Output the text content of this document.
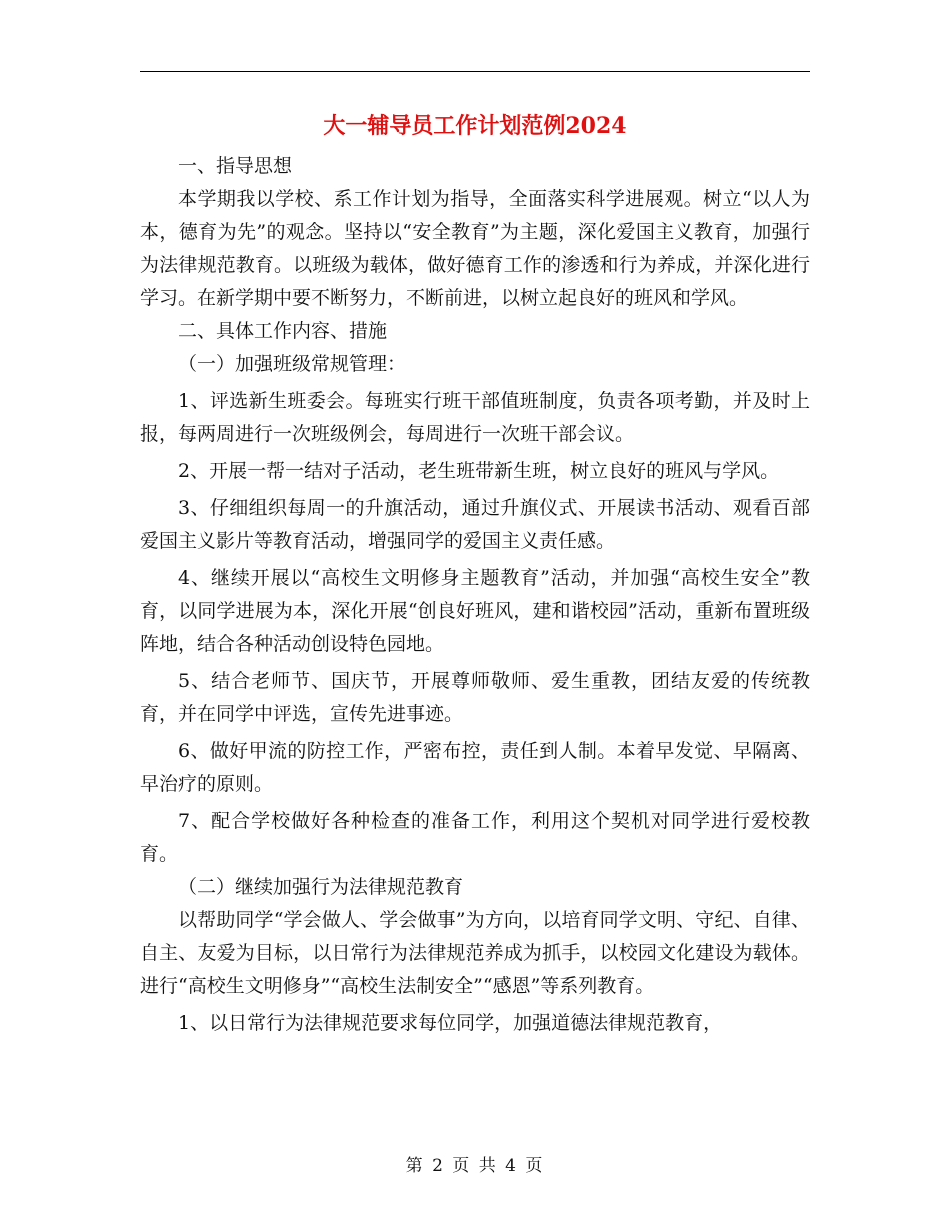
大一辅导员工作计划范例2024

一、指导思想

本学期我以学校、系工作计划为指导，全面落实科学进展观。树立“以人为本，德育为先”的观念。坚持以“安全教育”为主题，深化爱国主义教育，加强行为法律规范教育。以班级为载体，做好德育工作的渗透和行为养成，并深化进行学习。在新学期中要不断努力，不断前进，以树立起良好的班风和学风。

二、具体工作内容、措施

（一）加强班级常规管理：

1、评选新生班委会。每班实行班干部值班制度，负责各项考勤，并及时上报，每两周进行一次班级例会，每周进行一次班干部会议。

2、开展一帮一结对子活动，老生班带新生班，树立良好的班风与学风。

3、仔细组织每周一的升旗活动，通过升旗仪式、开展读书活动、观看百部爱国主义影片等教育活动，增强同学的爱国主义责任感。

4、继续开展以“高校生文明修身主题教育”活动，并加强“高校生安全”教育，以同学进展为本，深化开展“创良好班风，建和谐校园”活动，重新布置班级阵地，结合各种活动创设特色园地。

5、结合老师节、国庆节，开展尊师敬师、爱生重教，团结友爱的传统教育，并在同学中评选，宣传先进事迹。

6、做好甲流的防控工作，严密布控，责任到人制。本着早发觉、早隔离、早治疗的原则。

7、配合学校做好各种检查的准备工作，利用这个契机对同学进行爱校教育。

（二）继续加强行为法律规范教育

以帮助同学“学会做人、学会做事”为方向，以培育同学文明、守纪、自律、自主、友爱为目标，以日常行为法律规范养成为抓手，以校园文化建设为载体。进行“高校生文明修身”“高校生法制安全”“感恩”等系列教育。

1、以日常行为法律规范要求每位同学，加强道德法律规范教育，

第 2 页 共 4 页
